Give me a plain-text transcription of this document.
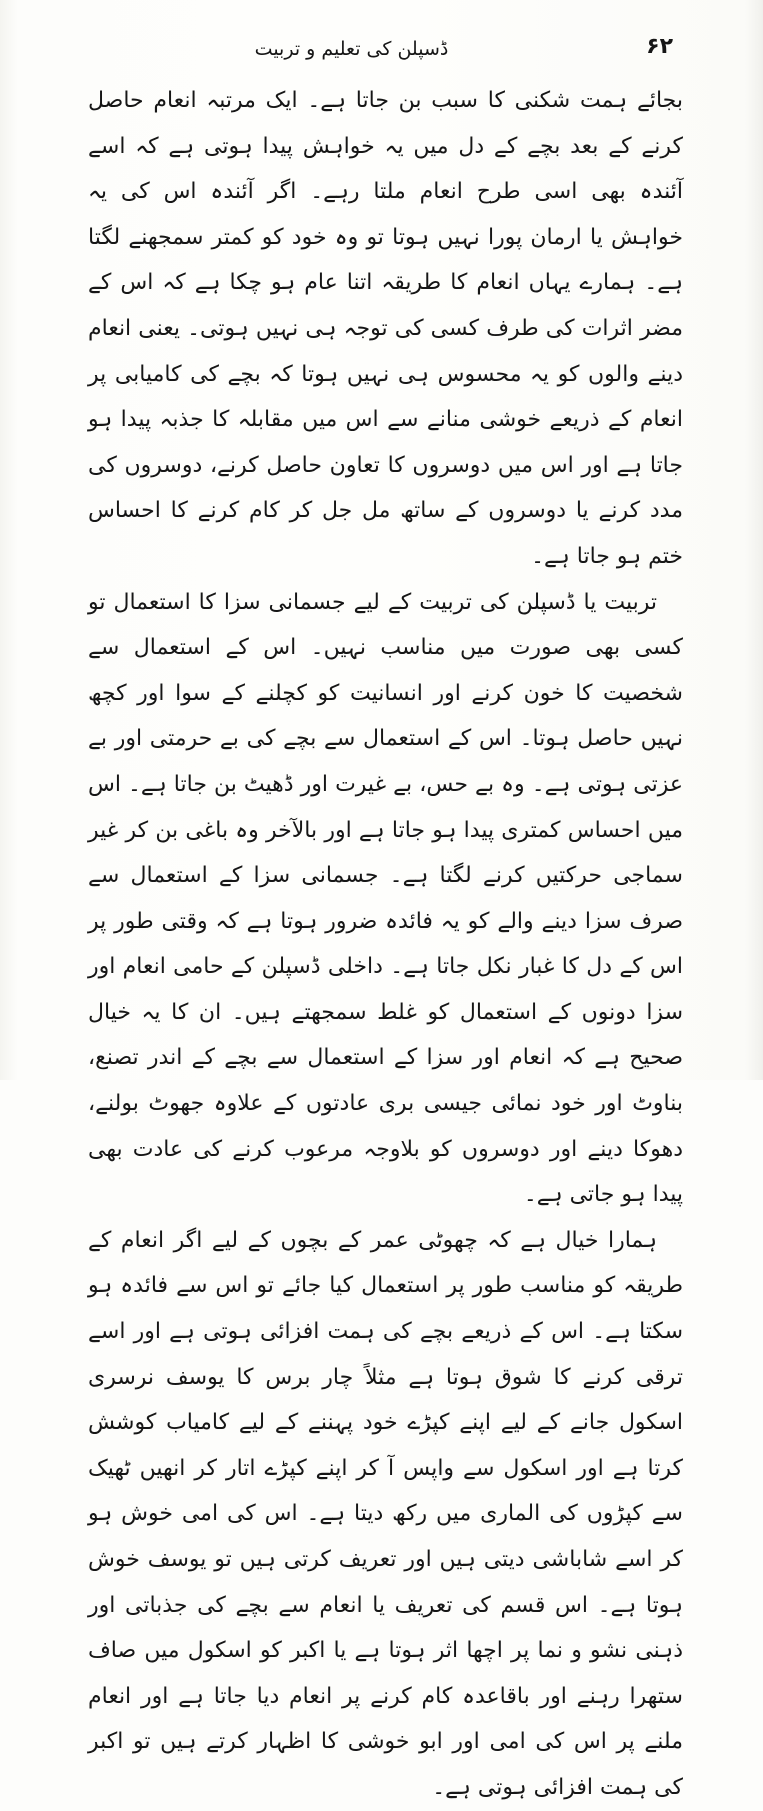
۶۲
ڈسپلن کی تعلیم و تربیت

بجائے ہمت شکنی کا سبب بن جاتا ہے۔ ایک مرتبہ انعام حاصل کرنے کے بعد بچے کے دل میں یہ خواہش پیدا ہوتی ہے کہ اسے آئندہ بھی اسی طرح انعام ملتا رہے۔ اگر آئندہ اس کی یہ خواہش یا ارمان پورا نہیں ہوتا تو وہ خود کو کمتر سمجھنے لگتا ہے۔ ہمارے یہاں انعام کا طریقہ اتنا عام ہو چکا ہے کہ اس کے مضر اثرات کی طرف کسی کی توجہ ہی نہیں ہوتی۔ یعنی انعام دینے والوں کو یہ محسوس ہی نہیں ہوتا کہ بچے کی کامیابی پر انعام کے ذریعے خوشی منانے سے اس میں مقابلہ کا جذبہ پیدا ہو جاتا ہے اور اس میں دوسروں کا تعاون حاصل کرنے، دوسروں کی مدد کرنے یا دوسروں کے ساتھ مل جل کر کام کرنے کا احساس ختم ہو جاتا ہے۔

تربیت یا ڈسپلن کی تربیت کے لیے جسمانی سزا کا استعمال تو کسی بھی صورت میں مناسب نہیں۔ اس کے استعمال سے شخصیت کا خون کرنے اور انسانیت کو کچلنے کے سوا اور کچھ نہیں حاصل ہوتا۔ اس کے استعمال سے بچے کی بے حرمتی اور بے عزتی ہوتی ہے۔ وہ بے حس، بے غیرت اور ڈھیٹ بن جاتا ہے۔ اس میں احساس کمتری پیدا ہو جاتا ہے اور بالآخر وہ باغی بن کر غیر سماجی حرکتیں کرنے لگتا ہے۔ جسمانی سزا کے استعمال سے صرف سزا دینے والے کو یہ فائدہ ضرور ہوتا ہے کہ وقتی طور پر اس کے دل کا غبار نکل جاتا ہے۔ داخلی ڈسپلن کے حامی انعام اور سزا دونوں کے استعمال کو غلط سمجھتے ہیں۔ ان کا یہ خیال صحیح ہے کہ انعام اور سزا کے استعمال سے بچے کے اندر تصنع، بناوٹ اور خود نمائی جیسی بری عادتوں کے علاوہ جھوٹ بولنے، دھوکا دینے اور دوسروں کو بلاوجہ مرعوب کرنے کی عادت بھی پیدا ہو جاتی ہے۔

ہمارا خیال ہے کہ چھوٹی عمر کے بچوں کے لیے اگر انعام کے طریقہ کو مناسب طور پر استعمال کیا جائے تو اس سے فائدہ ہو سکتا ہے۔ اس کے ذریعے بچے کی ہمت افزائی ہوتی ہے اور اسے ترقی کرنے کا شوق ہوتا ہے مثلاً چار برس کا یوسف نرسری اسکول جانے کے لیے اپنے کپڑے خود پہننے کے لیے کامیاب کوشش کرتا ہے اور اسکول سے واپس آ کر اپنے کپڑے اتار کر انھیں ٹھیک سے کپڑوں کی الماری میں رکھ دیتا ہے۔ اس کی امی خوش ہو کر اسے شاباشی دیتی ہیں اور تعریف کرتی ہیں تو یوسف خوش ہوتا ہے۔ اس قسم کی تعریف یا انعام سے بچے کی جذباتی اور ذہنی نشو و نما پر اچھا اثر ہوتا ہے یا اکبر کو اسکول میں صاف ستھرا رہنے اور باقاعدہ کام کرنے پر انعام دیا جاتا ہے اور انعام ملنے پر اس کی امی اور ابو خوشی کا اظہار کرتے ہیں تو اکبر کی ہمت افزائی ہوتی ہے۔
